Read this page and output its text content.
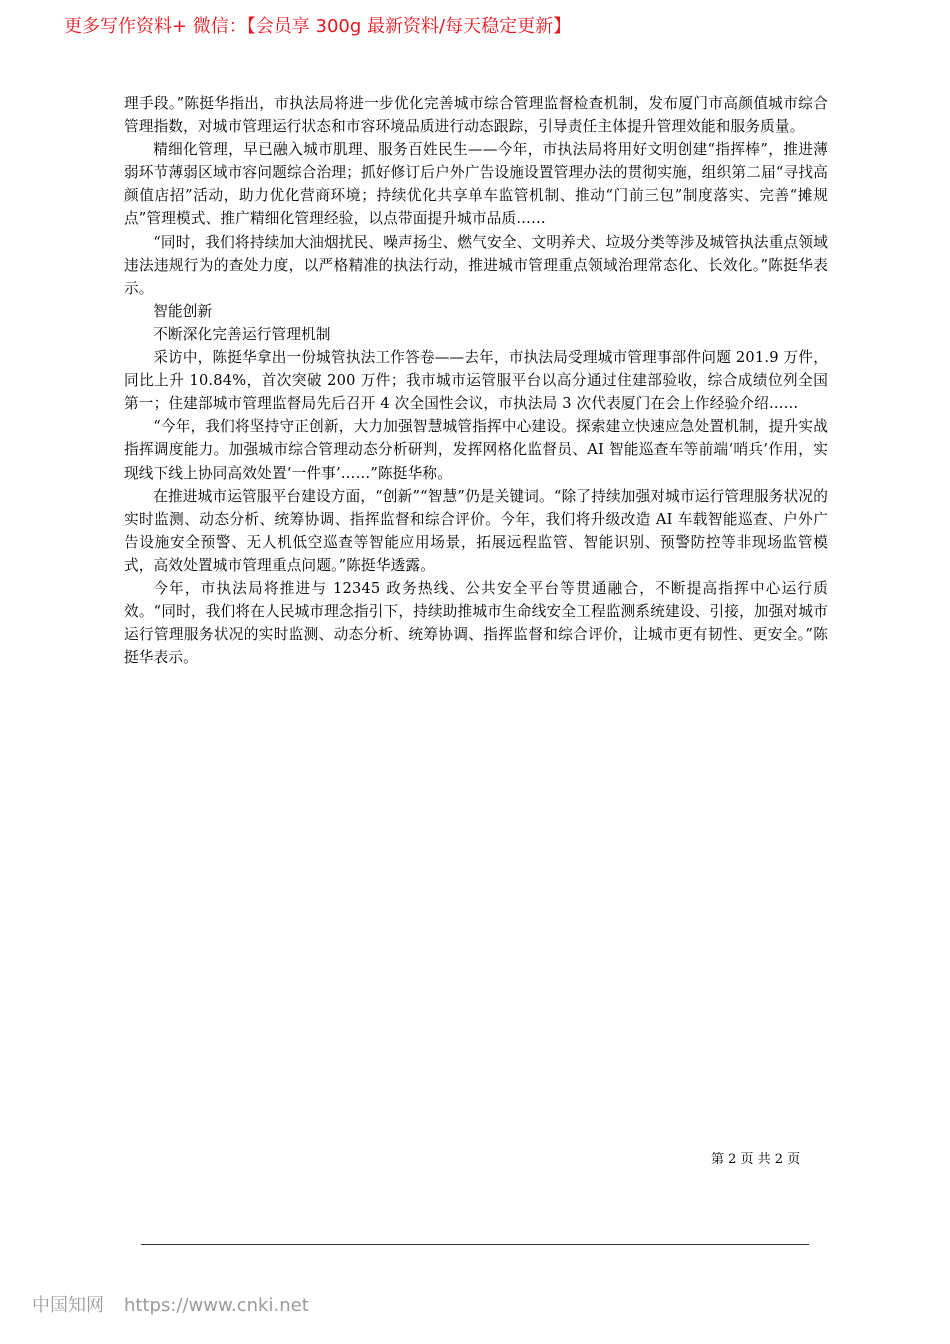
更多写作资料+ 微信：【会员享 300g 最新资料/每天稳定更新】

理手段。”陈挺华指出，市执法局将进一步优化完善城市综合管理监督检查机制，发布厦门市高颜值城市综合管理指数，对城市管理运行状态和市容环境品质进行动态跟踪，引导责任主体提升管理效能和服务质量。

精细化管理，早已融入城市肌理、服务百姓民生——今年，市执法局将用好文明创建“指挥棒”，推进薄弱环节薄弱区域市容问题综合治理；抓好修订后户外广告设施设置管理办法的贯彻实施，组织第二届“寻找高颜值店招”活动，助力优化营商环境；持续优化共享单车监管机制、推动“门前三包”制度落实、完善“摊规点”管理模式、推广精细化管理经验，以点带面提升城市品质……

“同时，我们将持续加大油烟扰民、噪声扬尘、燃气安全、文明养犬、垃圾分类等涉及城管执法重点领域违法违规行为的查处力度，以严格精准的执法行动，推进城市管理重点领域治理常态化、长效化。”陈挺华表示。

智能创新

不断深化完善运行管理机制

采访中，陈挺华拿出一份城管执法工作答卷——去年，市执法局受理城市管理事部件问题 201.9 万件，同比上升 10.84%，首次突破 200 万件；我市城市运管服平台以高分通过住建部验收，综合成绩位列全国第一；住建部城市管理监督局先后召开 4 次全国性会议，市执法局 3 次代表厦门在会上作经验介绍……

“今年，我们将坚持守正创新，大力加强智慧城管指挥中心建设。探索建立快速应急处置机制，提升实战指挥调度能力。加强城市综合管理动态分析研判，发挥网格化监督员、AI 智能巡查车等前端‘哨兵’作用，实现线下线上协同高效处置‘一件事’……”陈挺华称。

在推进城市运管服平台建设方面，“创新”“智慧”仍是关键词。“除了持续加强对城市运行管理服务状况的实时监测、动态分析、统筹协调、指挥监督和综合评价。今年，我们将升级改造 AI 车载智能巡查、户外广告设施安全预警、无人机低空巡查等智能应用场景，拓展远程监管、智能识别、预警防控等非现场监管模式，高效处置城市管理重点问题。”陈挺华透露。

今年，市执法局将推进与 12345 政务热线、公共安全平台等贯通融合，不断提高指挥中心运行质效。“同时，我们将在人民城市理念指引下，持续助推城市生命线安全工程监测系统建设、引接，加强对城市运行管理服务状况的实时监测、动态分析、统筹协调、指挥监督和综合评价，让城市更有韧性、更安全。”陈挺华表示。

第 2 页 共 2 页
中国知网 https://www.cnki.net
